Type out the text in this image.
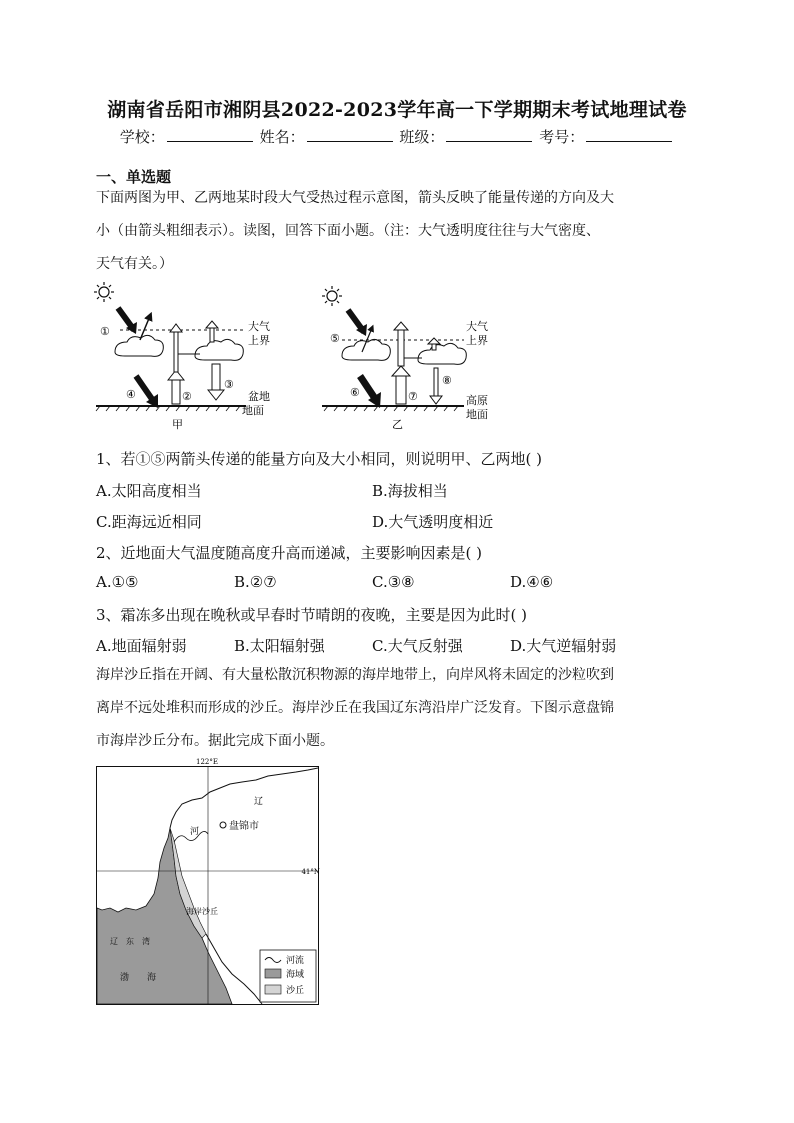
湖南省岳阳市湘阴县2022-2023学年高一下学期期末考试地理试卷
学校：	姓名：	班级：	考号：
一、单选题
下面两图为甲、乙两地某时段大气受热过程示意图，箭头反映了能量传递的方向及大
小（由箭头粗细表示）。读图，回答下面小题。（注：大气透明度往往与大气密度、
天气有关。）
①
②
③
④
大气
上界
盆地
地面
甲
⑤
⑥	⑦
⑧
大气
上界
高原
地面
乙
1、若①⑤两箭头传递的能量方向及大小相同，则说明甲、乙两地( )
A.太阳高度相当	B.海拔相当
C.距海远近相同	D.大气透明度相近
2、近地面大气温度随高度升高而递减，主要影响因素是( )
A.①⑤	B.②⑦	C.③⑧	D.④⑥
3、霜冻多出现在晚秋或早春时节晴朗的夜晚，主要是因为此时( )
A.地面辐射弱	B.太阳辐射强	C.大气反射强	D.大气逆辐射弱
海岸沙丘指在开阔、有大量松散沉积物源的海岸地带上，向岸风将未固定的沙粒吹到
离岸不远处堆积而形成的沙丘。海岸沙丘在我国辽东湾沿岸广泛发育。下图示意盘锦
市海岸沙丘分布。据此完成下面小题。
盘锦市
122°E
41°N
辽
河
海岸沙丘
辽　东　湾
渤　　海
河流
海域
沙丘
